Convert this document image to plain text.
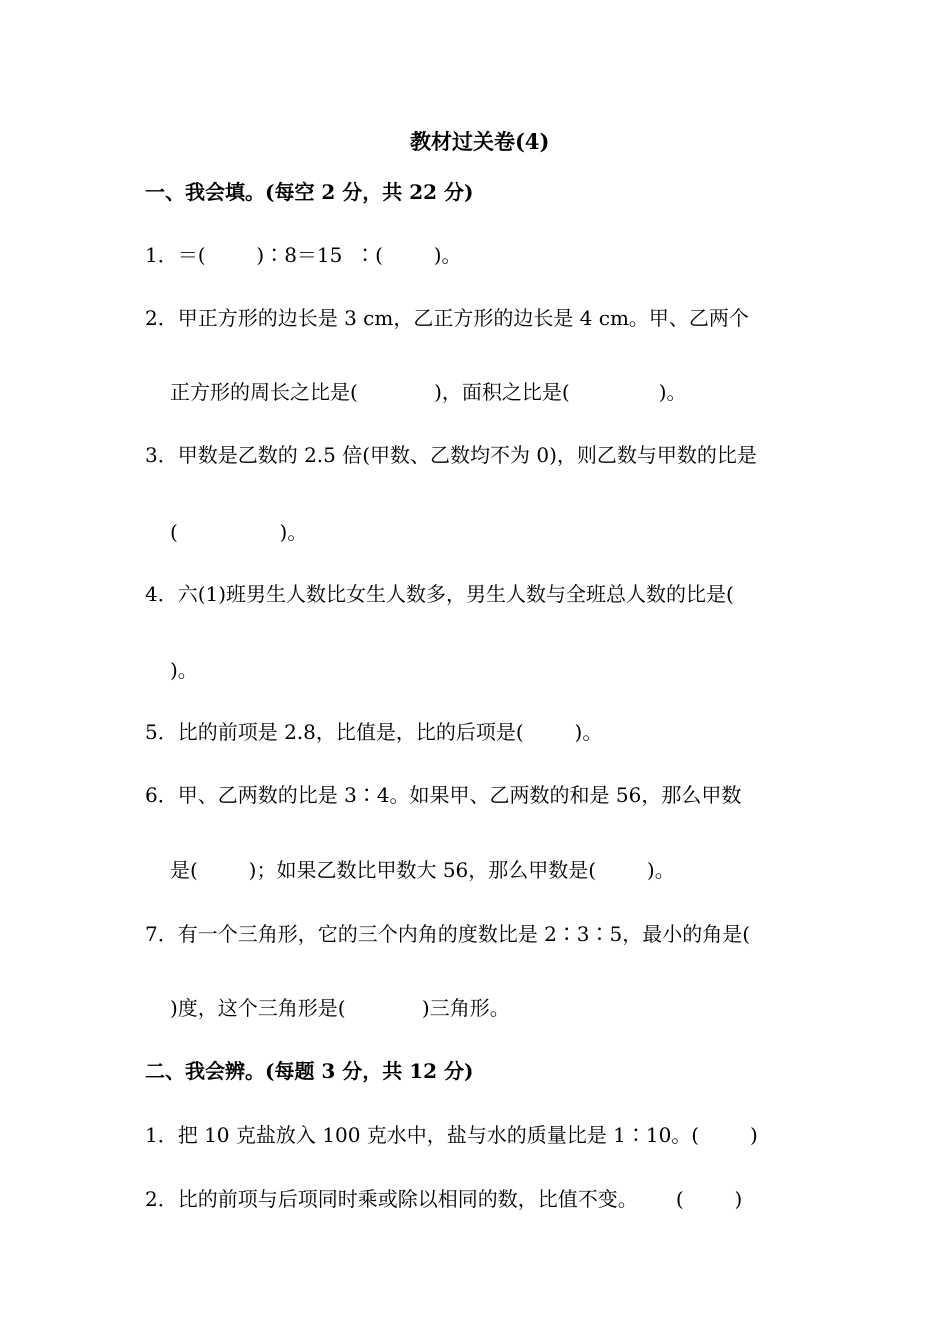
教材过关卷(4)
一、我会填。(每空 2 分，共 22 分)
1．＝(        )∶8＝15  ∶(        )。
2．甲正方形的边长是 3 cm，乙正方形的边长是 4 cm。甲、乙两个
正方形的周长之比是(            )，面积之比是(              )。
3．甲数是乙数的 2.5 倍(甲数、乙数均不为 0)，则乙数与甲数的比是
(                )。
4．六(1)班男生人数比女生人数多，男生人数与全班总人数的比是(
)。
5．比的前项是 2.8，比值是，比的后项是(        )。
6．甲、乙两数的比是 3∶4。如果甲、乙两数的和是 56，那么甲数
是(        )；如果乙数比甲数大 56，那么甲数是(        )。
7．有一个三角形，它的三个内角的度数比是 2∶3∶5，最小的角是(
)度，这个三角形是(            )三角形。
二、我会辨。(每题 3 分，共 12 分)
1．把 10 克盐放入 100 克水中，盐与水的质量比是 1∶10。(        )
2．比的前项与后项同时乘或除以相同的数，比值不变。      (        )
